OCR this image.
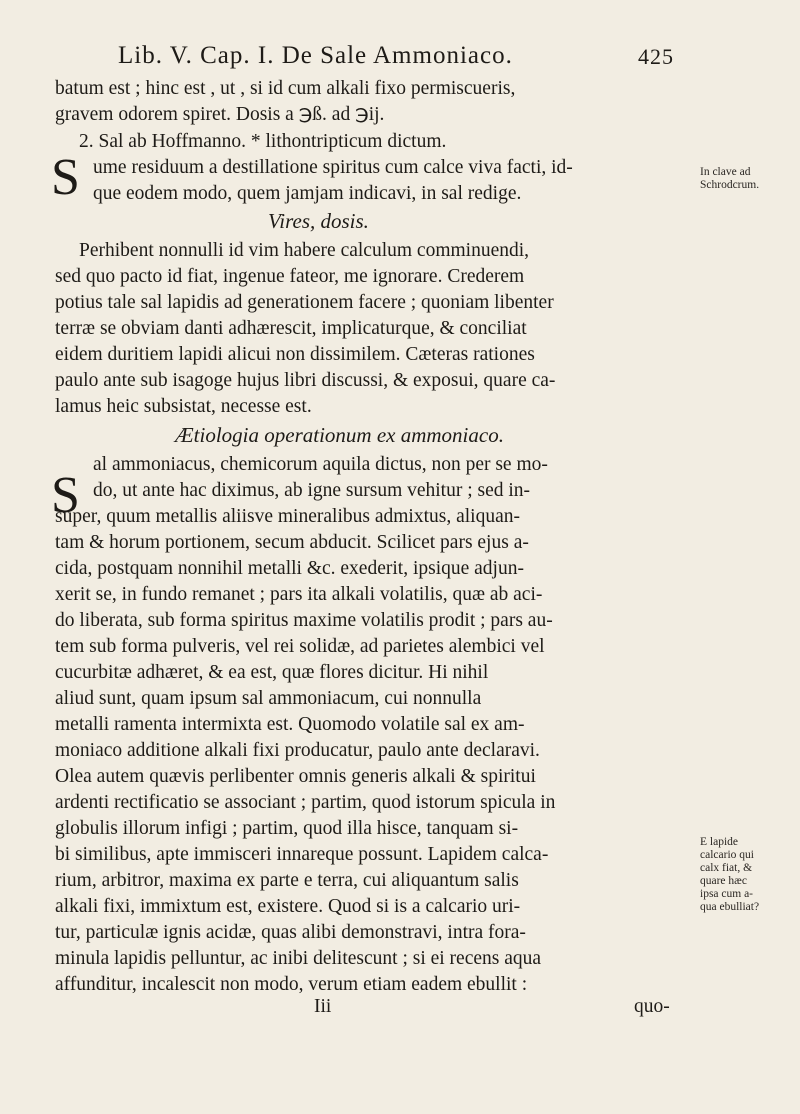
Lib. V. Cap. I. De Sale Ammoniaco.	425
batum est ; hinc est , ut , si id cum alkali fixo permiscueris,
gravem odorem spiret. Dosis a ℈ß. ad ℈ij.
2. Sal ab Hoffmanno. * lithontripticum dictum.
S ume residuum a destillatione spiritus cum calce viva facti, id-
que eodem modo, quem jamjam indicavi, in sal redige.
Vires, dosis.
Perhibent nonnulli id vim habere calculum comminuendi,
sed quo pacto id fiat, ingenue fateor, me ignorare. Crederem
potius tale sal lapidis ad generationem facere ; quoniam libenter
terræ se obviam danti adhærescit, implicaturque, & conciliat
eidem duritiem lapidi alicui non dissimilem. Cæteras rationes
paulo ante sub isagoge hujus libri discussi, & exposui, quare ca-
lamus heic subsistat, necesse est.
Ætiologia operationum ex ammoniaco.
S
al ammoniacus, chemicorum aquila dictus, non per se mo-
do, ut ante hac diximus, ab igne sursum vehitur ; sed in-
super, quum metallis aliisve mineralibus admixtus, aliquan-
tam & horum portionem, secum abducit. Scilicet pars ejus a-
cida, postquam nonnihil metalli &c. exederit, ipsique adjun-
xerit se, in fundo remanet ; pars ita alkali volatilis, quæ ab aci-
do liberata, sub forma spiritus maxime volatilis prodit ; pars au-
tem sub forma pulveris, vel rei solidæ, ad parietes alembici vel
cucurbitæ adhæret, & ea est, quæ flores dicitur. Hi nihil
aliud sunt, quam ipsum sal ammoniacum, cui nonnulla
metalli ramenta intermixta est. Quomodo volatile sal ex am-
moniaco additione alkali fixi producatur, paulo ante declaravi.
Olea autem quævis perlibenter omnis generis alkali & spiritui
ardenti rectificatio se associant ; partim, quod istorum spicula in
globulis illorum infigi ; partim, quod illa hisce, tanquam si-
bi similibus, apte immisceri innareque possunt. Lapidem calca-
rium, arbitror, maxima ex parte e terra, cui aliquantum salis
alkali fixi, immixtum est, existere. Quod si is a calcario uri-
tur, particulæ ignis acidæ, quas alibi demonstravi, intra fora-
minula lapidis pelluntur, ac inibi delitescunt ; si ei recens aqua
affunditur, incalescit non modo, verum etiam eadem ebullit :
Iii	quo-
In clave ad
Schrodcrum.
E lapide
calcario qui
calx fiat, &
quare hæc
ipsa cum a-
qua ebulliat?
